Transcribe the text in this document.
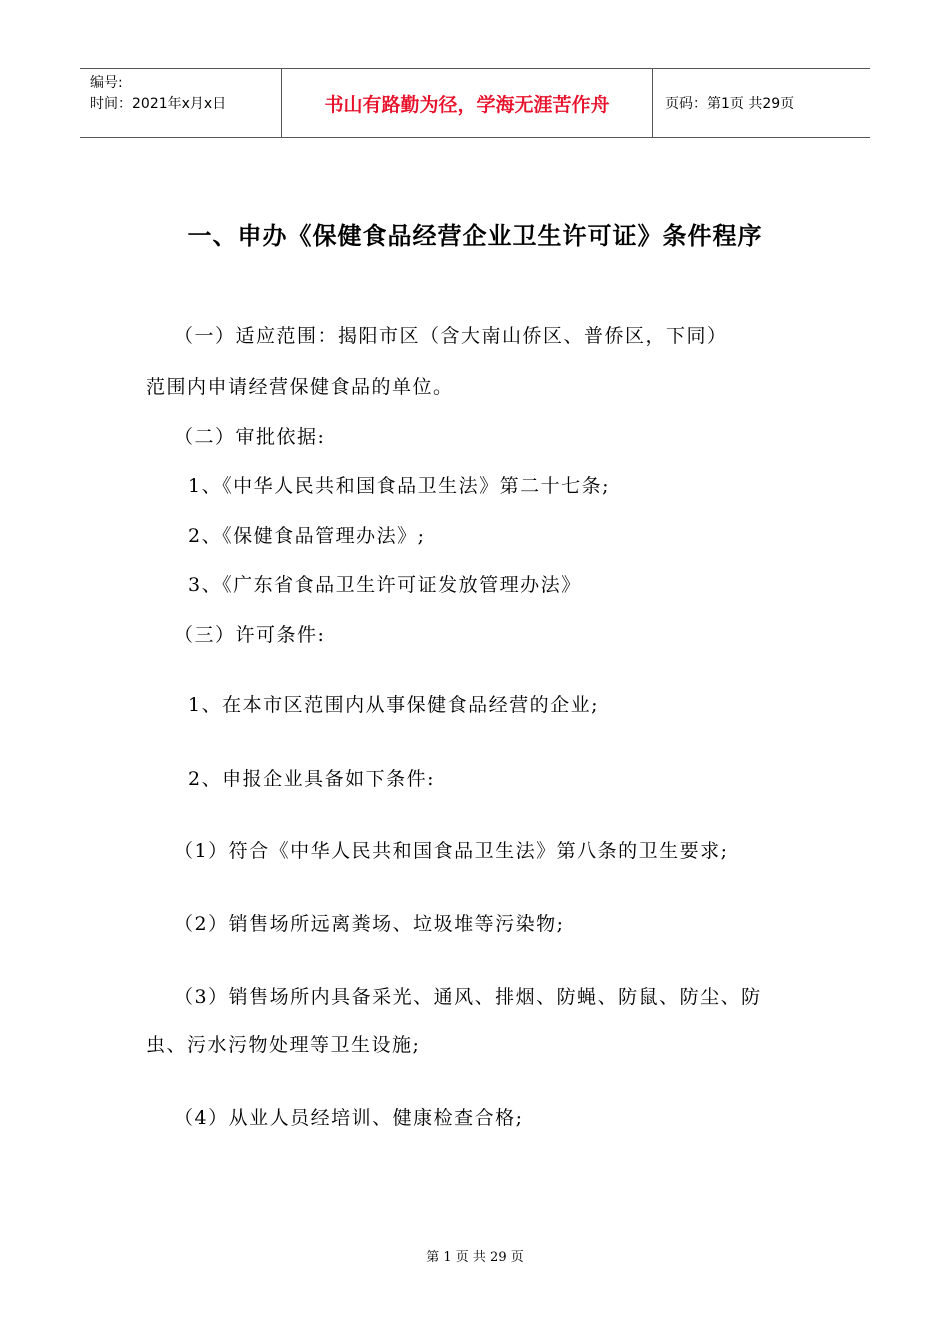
编号:
时间：2021年x月x日	书山有路勤为径，学海无涯苦作舟	页码：第1页 共29页
一、申办《保健食品经营企业卫生许可证》条件程序
（一）适应范围：揭阳市区（含大南山侨区、普侨区，下同）
范围内申请经营保健食品的单位。
（二）审批依据:
1、《中华人民共和国食品卫生法》第二十七条;
2、《保健食品管理办法》;
3、《广东省食品卫生许可证发放管理办法》
（三）许可条件:
1、在本市区范围内从事保健食品经营的企业;
2、申报企业具备如下条件:
（1）符合《中华人民共和国食品卫生法》第八条的卫生要求;
（2）销售场所远离粪场、垃圾堆等污染物;
（3）销售场所内具备采光、通风、排烟、防蝇、防鼠、防尘、防
虫、污水污物处理等卫生设施;
（4）从业人员经培训、健康检查合格;
第 1 页 共 29 页
